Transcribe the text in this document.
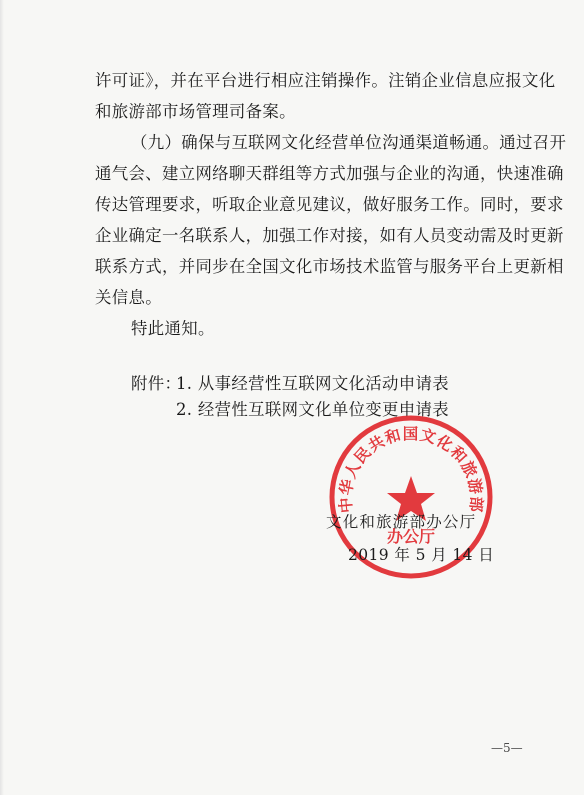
许可证》，并在平台进行相应注销操作。注销企业信息应报文化
和旅游部市场管理司备案。
（九）确保与互联网文化经营单位沟通渠道畅通。通过召开
通气会、建立网络聊天群组等方式加强与企业的沟通，快速准确
传达管理要求，听取企业意见建议，做好服务工作。同时，要求
企业确定一名联系人，加强工作对接，如有人员变动需及时更新
联系方式，并同步在全国文化市场技术监管与服务平台上更新相
关信息。
特此通知。
附件：
1. 从事经营性互联网文化活动申请表
2. 经营性互联网文化单位变更申请表
中华人民共和国文化和旅游部
办公厅
文化和旅游部办公厅
2019 年 5 月 14 日
—5—
